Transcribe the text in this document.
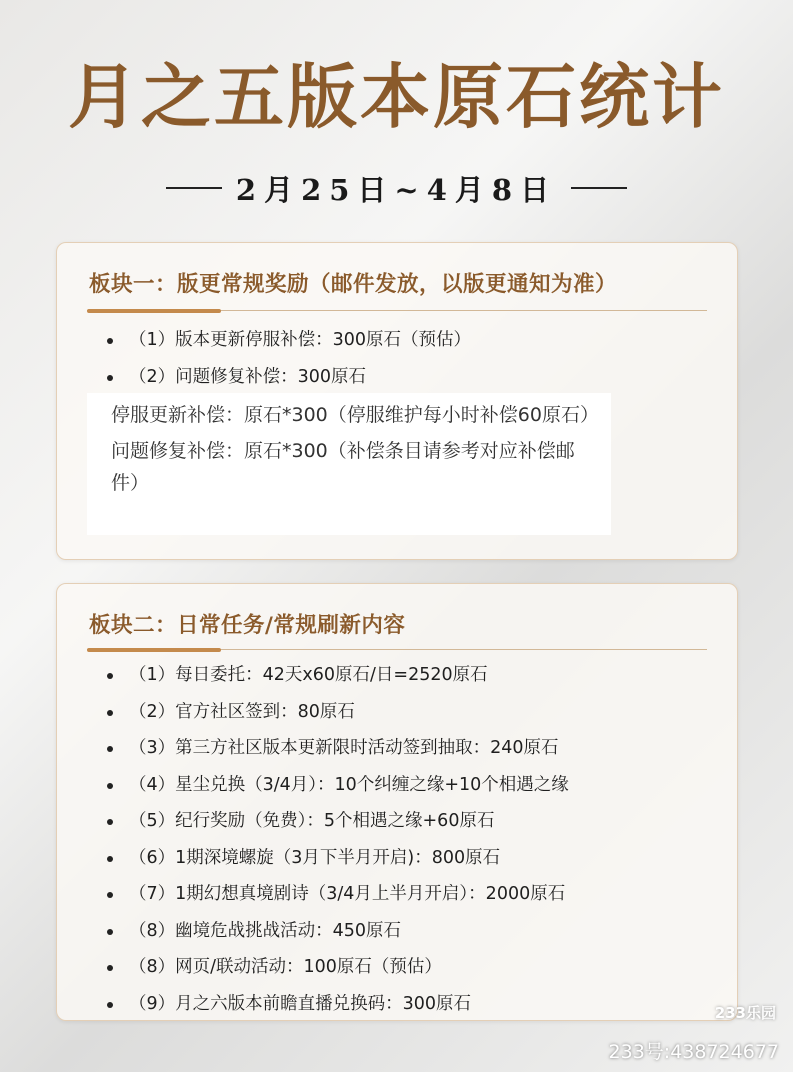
月之五版本原石统计
2月25日~4月8日
板块一：版更常规奖励（邮件发放，以版更通知为准）
（1）版本更新停服补偿：300原石（预估）
（2）问题修复补偿：300原石

停服更新补偿：原石*300（停服维护每小时补偿60原石）

问题修复补偿：原石*300（补偿条目请参考对应补偿邮件）

板块二：日常任务/常规刷新内容
（1）每日委托：42天x60原石/日=2520原石
（2）官方社区签到：80原石
（3）第三方社区版本更新限时活动签到抽取：240原石
（4）星尘兑换（3/4月）：10个纠缠之缘+10个相遇之缘
（5）纪行奖励（免费）：5个相遇之缘+60原石
（6）1期深境螺旋（3月下半月开启)：800原石
（7）1期幻想真境剧诗（3/4月上半月开启）：2000原石
（8）幽境危战挑战活动：450原石
（8）网页/联动活动：100原石（预估）
（9）月之六版本前瞻直播兑换码：300原石	233乐园
233号:438724677
